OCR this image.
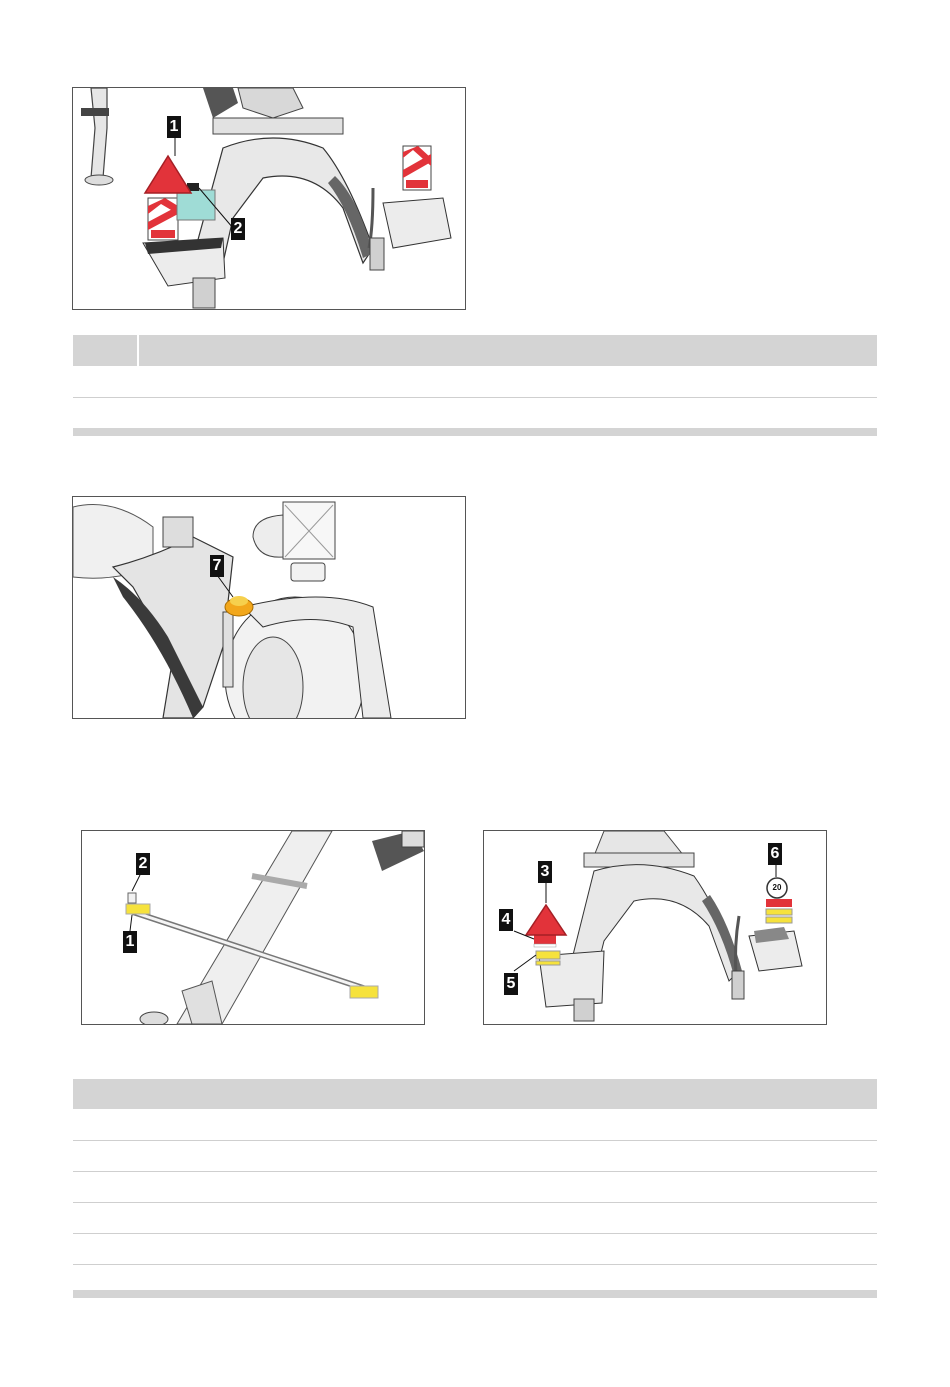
1
2
7
2
1
20
3
4
5
6
